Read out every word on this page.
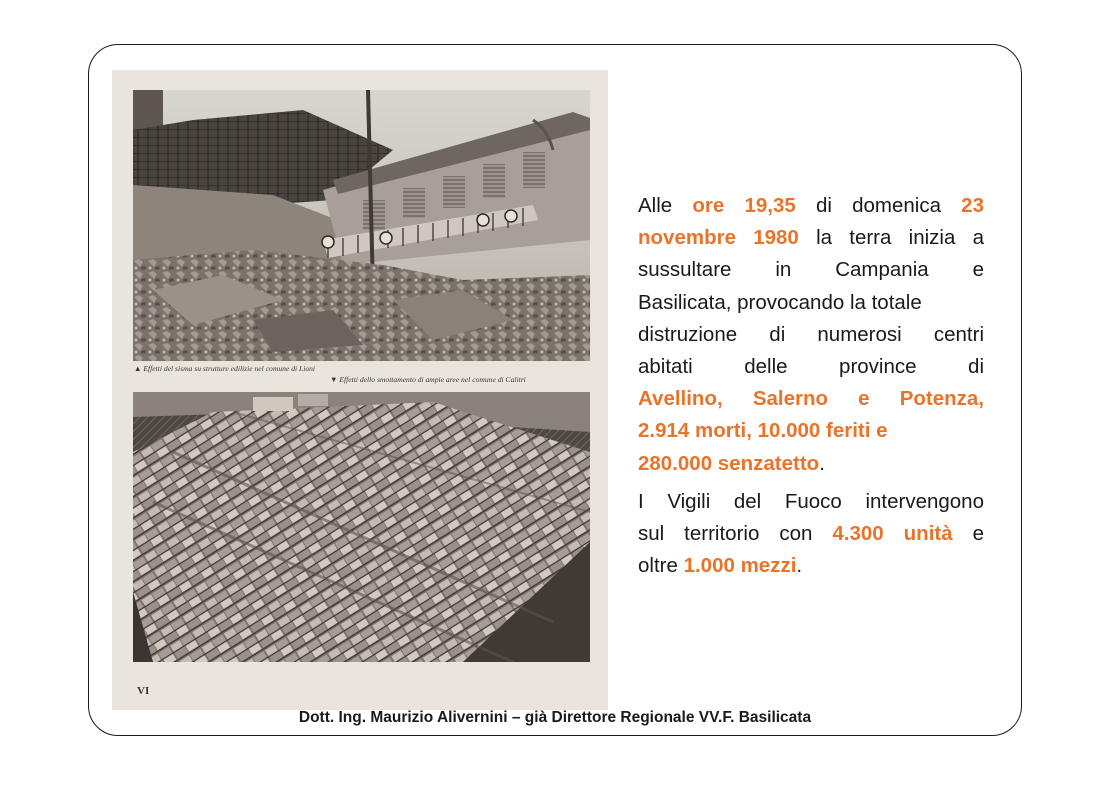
▲ Effetti del sisma su strutture edilizie nel comune di Lioni
▼ Effetti dello smottamento di ampie aree nel comune di Calitri
VI
Alle ore 19,35 di domenica 23
novembre 1980 la terra inizia a
sussultare in Campania e
Basilicata, provocando la totale
distruzione di numerosi centri
abitati delle province di
Avellino, Salerno e Potenza,
2.914 morti, 10.000 feriti e
280.000 senzatetto.
I Vigili del Fuoco intervengono
sul territorio con 4.300 unità e
oltre 1.000 mezzi.
Dott. Ing. Maurizio Alivernini – già Direttore Regionale VV.F. Basilicata
